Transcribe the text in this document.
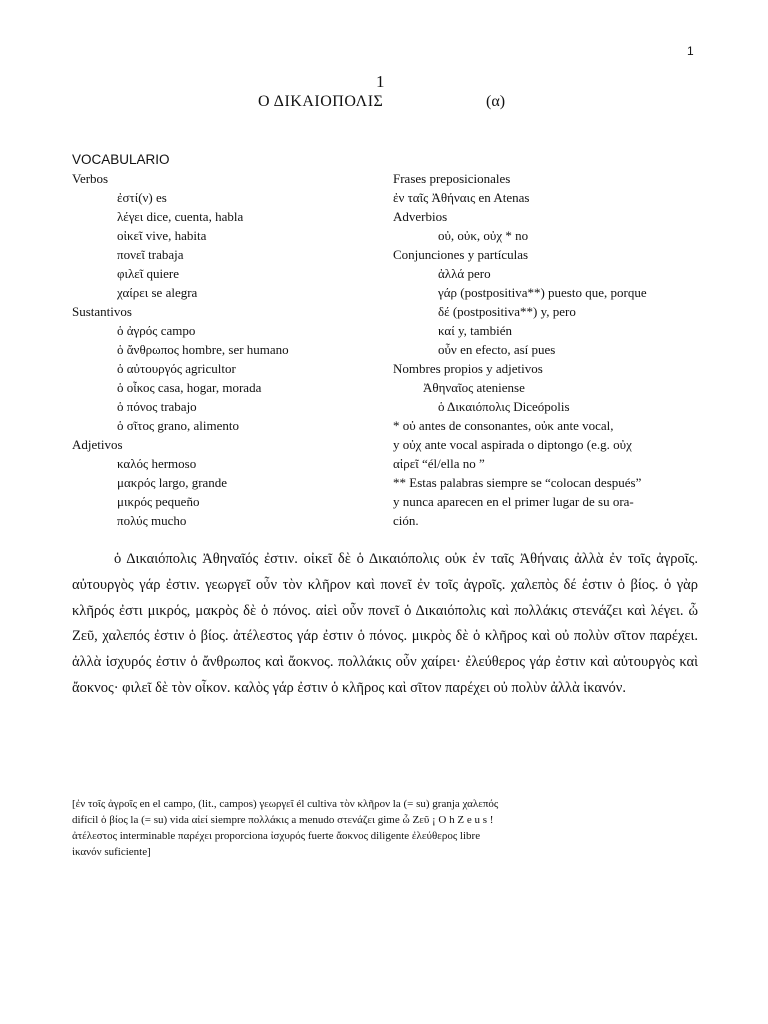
1
1
Ο ΔΙΚΑΙΟΠΟΛΙΣ	(α)
VOCABULARIO
Verbos
ἐστί(ν) es
λέγει dice, cuenta, habla
οἰκεῖ vive, habita
πονεῖ trabaja
φιλεῖ quiere
χαίρει se alegra
Sustantivos
ὁ ἀγρός campo
ὁ ἄνθρωπος hombre, ser humano
ὁ αὐτουργός agricultor
ὁ οἶκος casa, hogar, morada
ὁ πόνος trabajo
ὁ σῖτος grano, alimento
Adjetivos
καλός hermoso
μακρός largo, grande
μικρός pequeño
πολύς mucho
Frases preposicionales
ἐν ταῖς Ἀθήναις en Atenas
Adverbios
οὐ, οὐκ, οὐχ * no
Conjunciones y partículas
ἀλλά pero
γάρ (postpositiva**) puesto que, porque
δέ (postpositiva**) y, pero
καί y, también
οὖν en efecto, así pues
Nombres propios y adjetivos
Ἀθηναῖος ateniense
ὁ Δικαιόπολις Diceópolis
* οὐ antes de consonantes, οὐκ ante vocal,
y οὐχ ante vocal aspirada o diptongo (e.g. οὐχ
αἱρεῖ “él/ella no ”
** Estas palabras siempre se “colocan después”
y nunca aparecen en el primer lugar de su ora-
ción.
ὁ Δικαιόπολις Ἀθηναῖός ἐστιν. οἰκεῖ δὲ ὁ Δικαιόπολις οὐκ ἐν ταῖς Ἀθήναις ἀλλὰ ἐν τοῖς ἀγροῖς. αὐτουργὸς γάρ ἐστιν. γεωργεῖ οὖν τὸν κλῆρον καὶ πονεῖ ἐν τοῖς ἀγροῖς. χαλεπὸς δέ ἐστιν ὁ βίος. ὁ γὰρ κλῆρός ἐστι μικρός, μακρὸς δὲ ὁ πόνος. αἰεὶ οὖν πονεῖ ὁ Δικαιόπολις καὶ πολλάκις στενάζει καὶ λέγει. ὦ Ζεῦ, χαλεπός ἐστιν ὁ βίος. ἀτέλεστος γάρ ἐστιν ὁ πόνος. μικρὸς δὲ ὁ κλῆρος καὶ οὐ πολὺν σῖτον παρέχει. ἀλλὰ ἰσχυρός ἐστιν ὁ ἄνθρωπος καὶ ἄοκνος. πολλάκις οὖν χαίρει· ἐλεύθερος γάρ ἐστιν καὶ αὐτουργὸς καὶ ἄοκνος· φιλεῖ δὲ τὸν οἶκον. καλὸς γάρ ἐστιν ὁ κλῆρος καὶ σῖτον παρέχει οὐ πολὺν ἀλλὰ ἱκανόν.
[ἐν τοῖς ἀγροῖς en el campo, (lit., campos) γεωργεῖ él cultiva τὸν κλῆρον la (= su) granja χαλεπός
difícil ὁ βίος la (= su) vida αἰεί siempre πολλάκις a menudo στενάζει gime ὦ Ζεῦ ¡ O h Z e u s !
ἀτέλεστος interminable παρέχει proporciona ἰσχυρός fuerte ἄοκνος diligente ἐλεύθερος libre
ἱκανόν suficiente]
